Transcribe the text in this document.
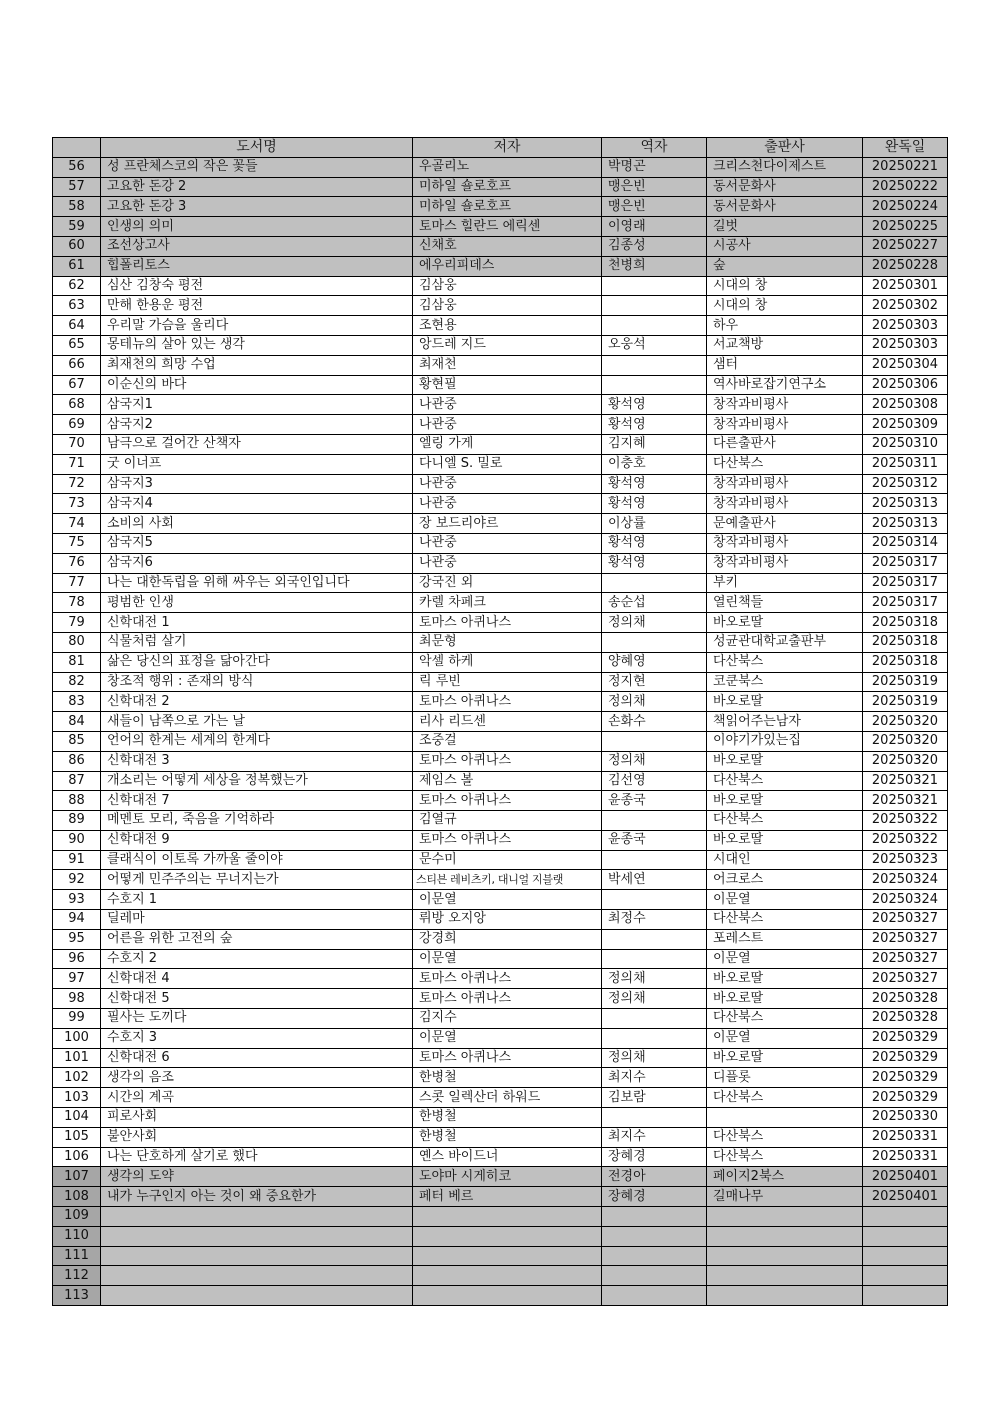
	도서명	저자	역자	출판사	완독일
56	성 프란체스코의 작은 꽃들	우골리노	박명곤	크리스천다이제스트	20250221
57	고요한 돈강 2	미하일 숄로호프	맹은빈	동서문화사	20250222
58	고요한 돈강 3	미하일 숄로호프	맹은빈	동서문화사	20250224
59	인생의 의미	토마스 힐란드 에릭센	이영래	길벗	20250225
60	조선상고사	신채호	김종성	시공사	20250227
61	힙폴리토스	에우리피데스	천병희	숲	20250228
62	심산 김창숙 평전	김삼웅		시대의 창	20250301
63	만해 한용운 평전	김삼웅		시대의 창	20250302
64	우리말 가슴을 울리다	조현용		하우	20250303
65	몽테뉴의 살아 있는 생각	앙드레 지드	오웅석	서교책방	20250303
66	최재천의 희망 수업	최재천		샘터	20250304
67	이순신의 바다	황현필		역사바로잡기연구소	20250306
68	삼국지1	나관중	황석영	창작과비평사	20250308
69	삼국지2	나관중	황석영	창작과비평사	20250309
70	남극으로 걸어간 산책자	엘링 가게	김지혜	다른출판사	20250310
71	굿 이너프	다니엘 S. 밀로	이충호	다산북스	20250311
72	삼국지3	나관중	황석영	창작과비평사	20250312
73	삼국지4	나관중	황석영	창작과비평사	20250313
74	소비의 사회	장 보드리야르	이상률	문예출판사	20250313
75	삼국지5	나관중	황석영	창작과비평사	20250314
76	삼국지6	나관중	황석영	창작과비평사	20250317
77	나는 대한독립을 위해 싸우는 외국인입니다	강국진 외		부키	20250317
78	평범한 인생	카렐 차페크	송순섭	열린책들	20250317
79	신학대전 1	토마스 아퀴나스	정의채	바오로딸	20250318
80	식물처럼 살기	최문형		성균관대학교출판부	20250318
81	삶은 당신의 표정을 닮아간다	악셀 하케	양혜영	다산북스	20250318
82	창조적 행위 : 존재의 방식	릭 루빈	정지현	코쿤북스	20250319
83	신학대전 2	토마스 아퀴나스	정의채	바오로딸	20250319
84	새들이 남쪽으로 가는 날	리사 리드센	손화수	책읽어주는남자	20250320
85	언어의 한계는 세계의 한계다	조중걸		이야기가있는집	20250320
86	신학대전 3	토마스 아퀴나스	정의채	바오로딸	20250320
87	개소리는 어떻게 세상을 정복했는가	제임스 볼	김선영	다산북스	20250321
88	신학대전 7	토마스 아퀴나스	윤종국	바오로딸	20250321
89	메멘토 모리, 죽음을 기억하라	김열규		다산북스	20250322
90	신학대전 9	토마스 아퀴나스	윤종국	바오로딸	20250322
91	클래식이 이토록 가까울 줄이야	문수미		시대인	20250323
92	어떻게 민주주의는 무너지는가	스티븐 레비츠키, 대니얼 지블랫	박세연	어크로스	20250324
93	수호지 1	이문열		이문열	20250324
94	딜레마	뤼방 오지앙	최정수	다산북스	20250327
95	어른을 위한 고전의 숲	강경희		포레스트	20250327
96	수호지 2	이문열		이문열	20250327
97	신학대전 4	토마스 아퀴나스	정의채	바오로딸	20250327
98	신학대전 5	토마스 아퀴나스	정의채	바오로딸	20250328
99	필사는 도끼다	김지수		다산북스	20250328
100	수호지 3	이문열		이문열	20250329
101	신학대전 6	토마스 아퀴나스	정의채	바오로딸	20250329
102	생각의 음조	한병철	최지수	디플롯	20250329
103	시간의 계곡	스콧 일렉산더 하워드	김보람	다산북스	20250329
104	피로사회	한병철			20250330
105	불안사회	한병철	최지수	다산북스	20250331
106	나는 단호하게 살기로 했다	옌스 바이드너	장혜경	다산북스	20250331
107	생각의 도약	도야마 시게히코	전경아	페이지2북스	20250401
108	내가 누구인지 아는 것이 왜 중요한가	페터 베르	장혜경	길매나무	20250401
109					
110					
111					
112					
113					
